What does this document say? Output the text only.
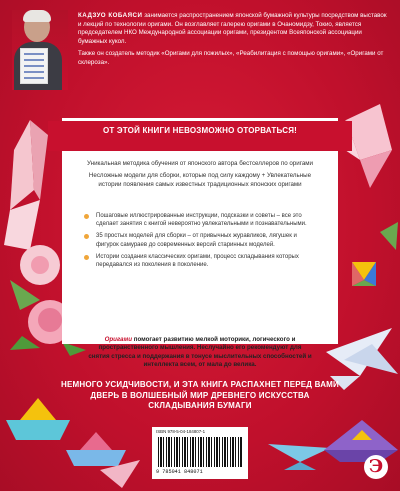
КАДЗУО КОБАЯСИ занимается распространением японской бумажной культуры посредством выставок и лекций по технологии оригами. Он возглавляет галерею оригами в Очаномидзу, Токио, является председателем НКО Международной ассоциации оригами, президентом Всеяпонской ассоциации бумажных кукол.

Также он создатель методик «Оригами для пожилых», «Реабилитация с помощью оригами», «Оригами от склероза».

ОТ ЭТОЙ КНИГИ НЕВОЗМОЖНО ОТОРВАТЬСЯ!

Уникальная методика обучения от японского автора бестселлеров по оригами

Несложные модели для сборки, которые под силу каждому + Увлекательные истории появления самых известных традиционных японских оригами

Пошаговые иллюстрированные инструкции, подсказки и советы – все это сделает занятия с книгой невероятно увлекательными и познавательными.
35 простых моделей для сборки – от привычных журавликов, лягушек и фигурок самураев до современных версий старинных моделей.
Истории создания классических оригами, процесс складывания которых передавался из поколения в поколение.
Оригами помогает развитию мелкой моторики, логического и пространственного мышления. Неслучайно его рекомендуют для снятия стресса и поддержания в тонусе мыслительных способностей и интеллекта всем, от мала до велика.
НЕМНОГО УСИДЧИВОСТИ, И ЭТА КНИГА РАСПАХНЕТ ПЕРЕД ВАМИ ДВЕРЬ В ВОЛШЕБНЫЙ МИР ДРЕВНЕГО ИСКУССТВА СКЛАДЫВАНИЯ БУМАГИ
ISBN 978-5-04-184807-1
9 785041 848071	Э
